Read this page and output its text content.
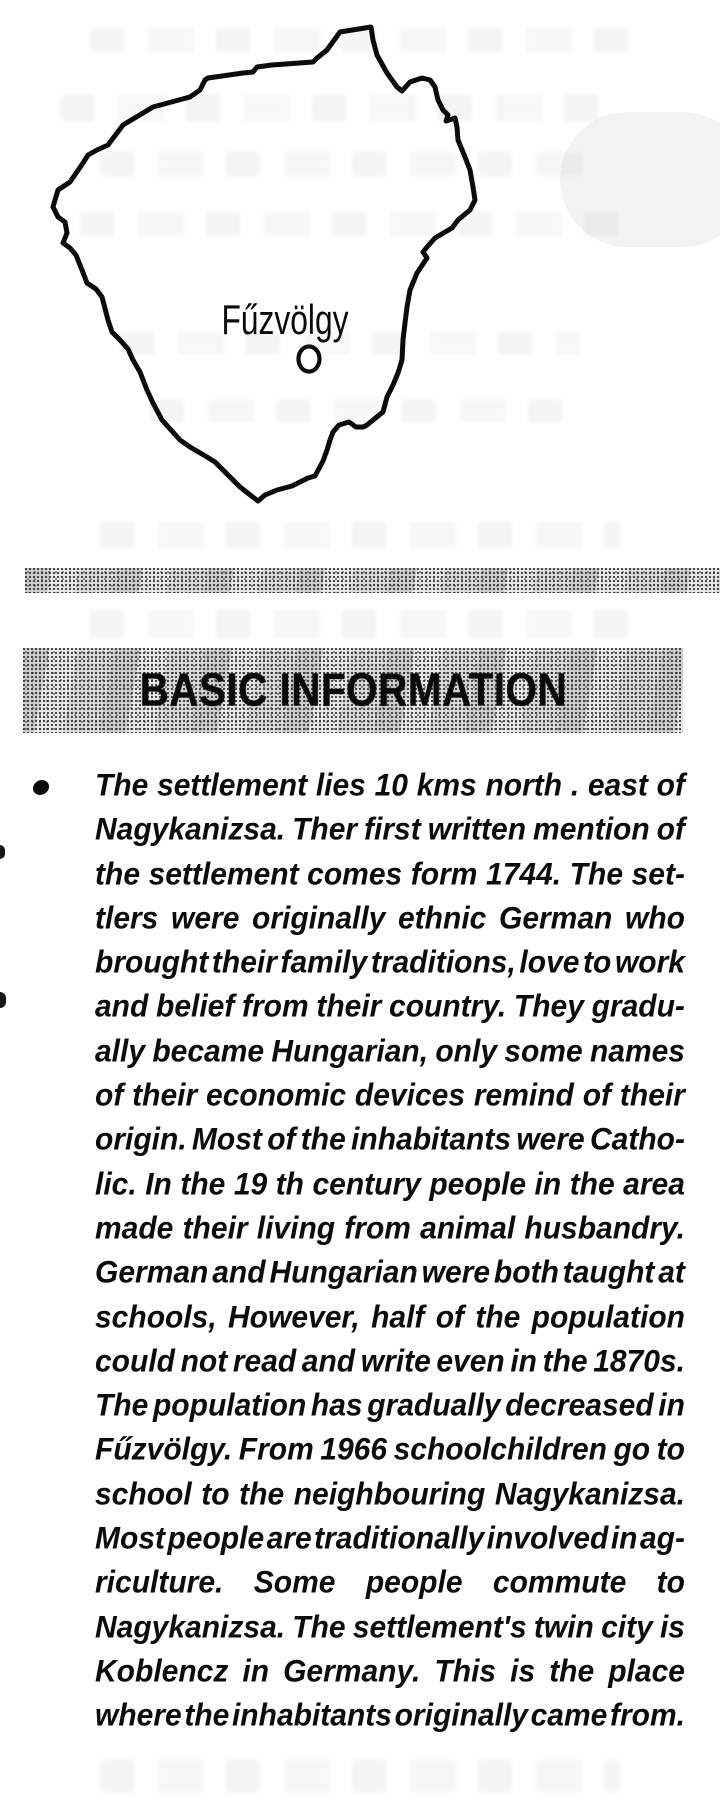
Fűzvölgy
BASIC INFORMATION
The settlement lies 10 kms north . east of
Nagykanizsa. Ther first written mention of
the settlement comes form 1744. The set-
tlers were originally ethnic German who
brought their family traditions, love to work
and belief from their country. They gradu-
ally became Hungarian, only some names
of their economic devices remind of their
origin. Most of the inhabitants were Catho-
lic. In the 19 th century people in the area
made their living from animal husbandry.
German and Hungarian were both taught at
schools, However, half of the population
could not read and write even in the 1870s.
The population has gradually decreased in
Fűzvölgy. From 1966 schoolchildren go to
school to the neighbouring Nagykanizsa.
Most people are traditionally involved in ag-
riculture. Some people commute to
Nagykanizsa. The settlement's twin city is
Koblencz in Germany. This is the place
where the inhabitants originally came from.
